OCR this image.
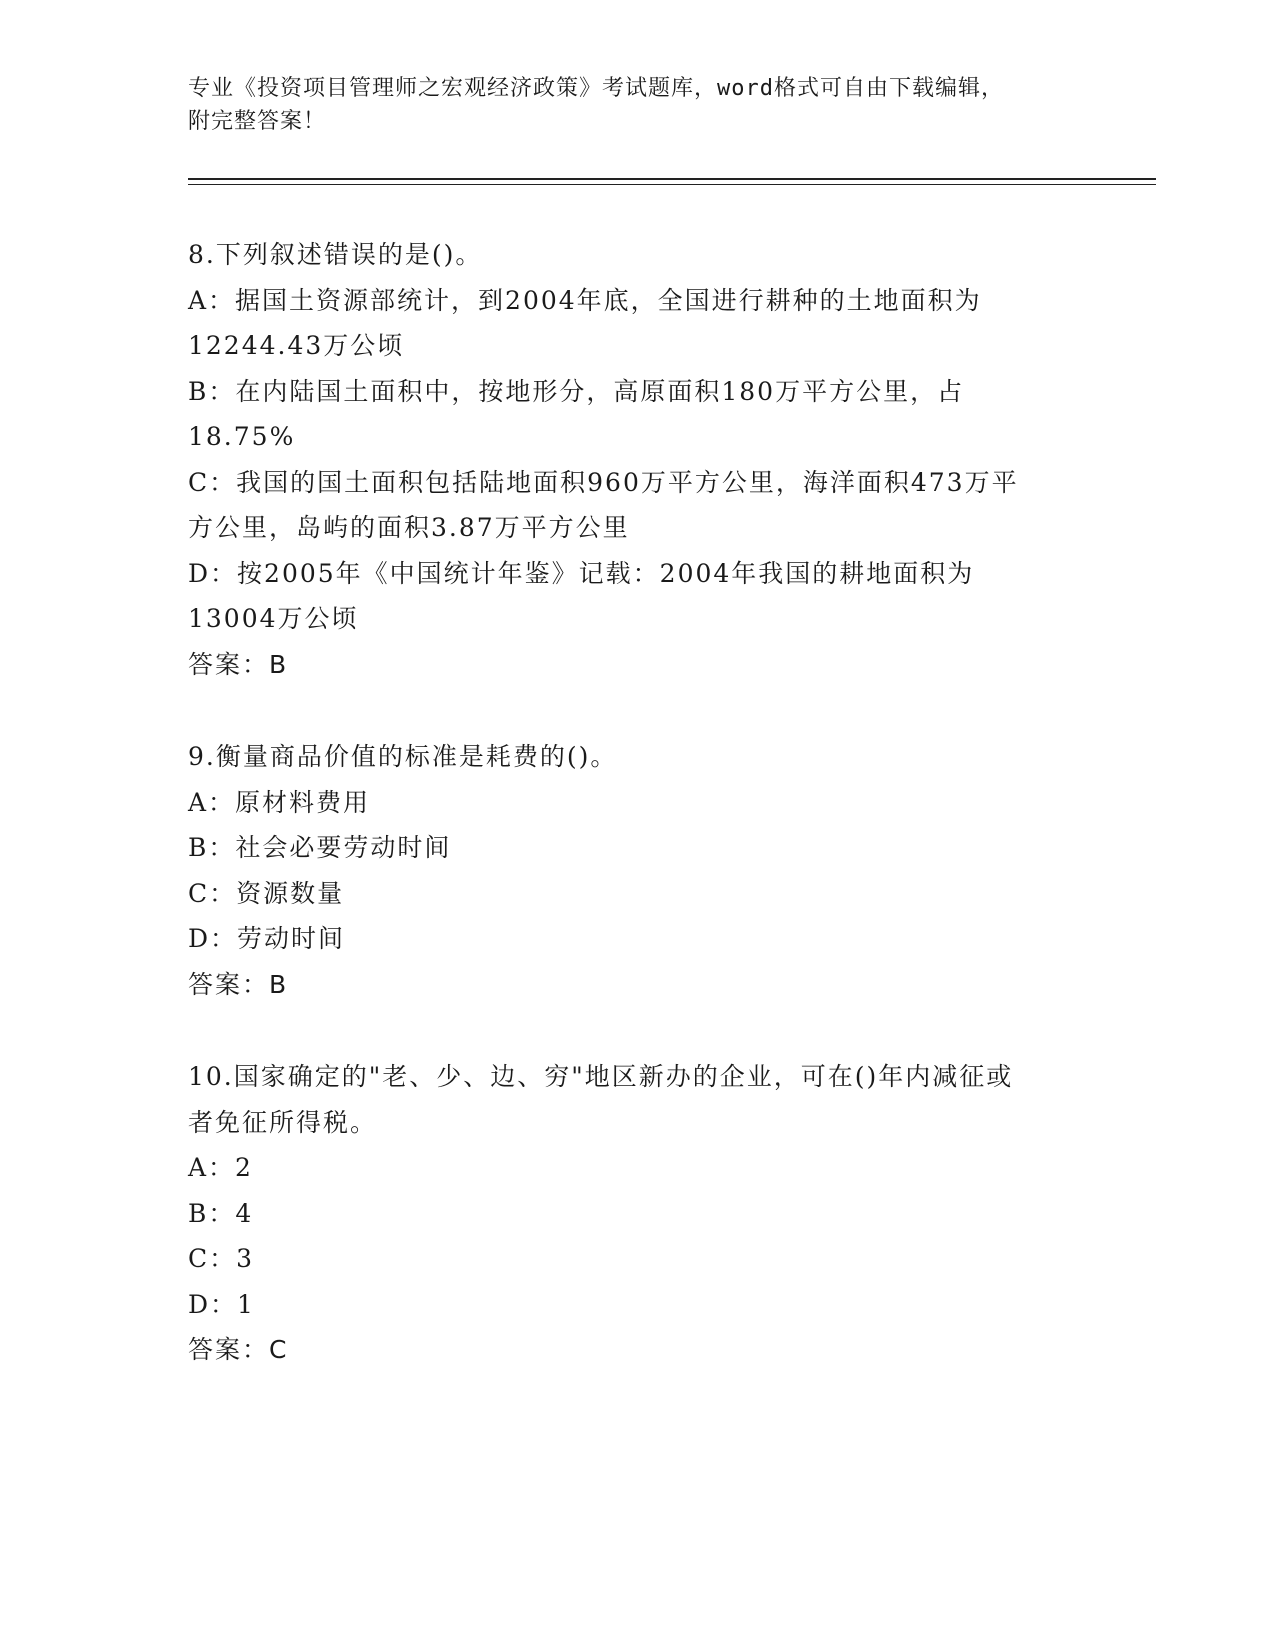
专业《投资项目管理师之宏观经济政策》考试题库，word格式可自由下载编辑，
附完整答案！
8.下列叙述错误的是()。
A：据国土资源部统计，到2004年底，全国进行耕种的土地面积为
12244.43万公顷
B：在内陆国土面积中，按地形分，高原面积180万平方公里，占
18.75%
C：我国的国土面积包括陆地面积960万平方公里，海洋面积473万平
方公里，岛屿的面积3.87万平方公里
D：按2005年《中国统计年鉴》记载：2004年我国的耕地面积为
13004万公顷
答案：B
9.衡量商品价值的标准是耗费的()。
A：原材料费用
B：社会必要劳动时间
C：资源数量
D：劳动时间
答案：B
10.国家确定的"老、少、边、穷"地区新办的企业，可在()年内减征或
者免征所得税。
A：2
B：4
C：3
D：1
答案：C
